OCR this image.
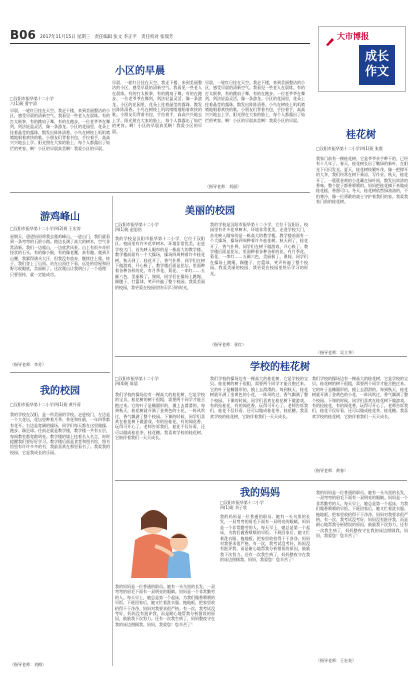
B06 2017年11月15日 星期三　责任编辑 张文 李正平　责任校对 张瑞芳	大市博报
成长
作文
小区的早晨
□汉阳市振华第十二小学
六(1)班 曹宇清
早晨，一轮红日挂在天空。我走下楼，来到美丽整洁的小区，感受早晨的清新空气。我看见一些老人在晨练。有的打太极拳，有的跳扇子舞，有的在跑步。一位老爷爷在舞剑，剑法轻盈灵活，像一条游龙。小区的花园里，花朵上挂着晶莹的露珠，散发出阵阵清香。小鸟在树枝上叽叽喳喳地唱着欢快的歌。小朋友们背着书包，手拉着手，高高兴兴地去上学。阳光照在大家的脸上，每个人都露出了灿烂的笑容。啊！小区的早晨真美啊！我爱小区的早晨。
早晨，一轮红日挂在天空。我走下楼，来到美丽整洁的小区，感受早晨的清新空气。我看见一些老人在晨练。有的打太极拳，有的跳扇子舞，有的在跑步。一位老爷爷在舞剑，剑法轻盈灵活，像一条游龙。小区的花园里，花朵上挂着晶莹的露珠，散发出阵阵清香。小鸟在树枝上叽叽喳喳地唱着欢快的歌。小朋友们背着书包，手拉着手，高高兴兴地去上学。阳光照在大家的脸上，每个人都露出了灿烂的笑容。啊！小区的早晨真美啊！我爱小区的早晨。
（指导老师：刘丽）
早晨，一轮红日挂在天空。我走下楼，来到美丽整洁的小区，感受早晨的清新空气。我看见一些老人在晨练。有的打太极拳，有的跳扇子舞，有的在跑步。一位老爷爷在舞剑，剑法轻盈灵活，像一条游龙。小区的花园里，花朵上挂着晶莹的露珠，散发出阵阵清香。小鸟在树枝上叽叽喳喳地唱着欢快的歌。小朋友们背着书包，手拉着手，高高兴兴地去上学。阳光照在大家的脸上，每个人都露出了灿烂的笑容。啊！小区的早晨真美啊！我爱小区的早晨。
游鸡峰山
□汉阳市振华第十二小学四(2)班 王宏涛
星期天，爸爸妈妈带我去爬鸡峰山。一进山门，我们就看到一条弯弯的石阶小路。路边长满了高大的树木，空气非常清新。我们一边爬山，一边欣赏风景。山上有很多奇形怪状的石头，有的像小猴，有的像老鹰，真有趣。爬到半山腰，我累得满头大汗，但我没有放弃，继续往上爬。终于，我们登上了山顶。站在山顶往下看，远处的房屋和田野尽收眼底，美丽极了。这次爬山让我明白了一个道理：只要坚持，就一定能成功。
（指导老师：李芳）
美丽的校园
□汉阳市振华第十二小学
四(1)班 赵思怡
我的学校是汉阳市振华第十二小学，它位于汉阳区。校园里有许多花草树木，环境非常优美。走进学校大门，首先映入眼帘的是一栋高大的教学楼。教学楼前面有一个大操场，操场四周种着许多桂花树。秋天到了，桂花开了，香气扑鼻，同学们在树下做游戏，开心极了。教学楼后面是花坛，里面种着各种各样的花，有月季花、菊花、一串红……五颜六色，美丽极了。课间，同学们在操场上跳绳、踢毽子、打篮球，笑声传遍了整个校园。我爱美丽的校园，我更爱在校园里快乐学习的时光。
我的学校是汉阳市振华第十二小学，它位于汉阳区。校园里有许多花草树木，环境非常优美。走进学校大门，首先映入眼帘的是一栋高大的教学楼。教学楼前面有一个大操场，操场四周种着许多桂花树。秋天到了，桂花开了，香气扑鼻，同学们在树下做游戏，开心极了。教学楼后面是花坛，里面种着各种各样的花，有月季花、菊花、一串红……五颜六色，美丽极了。课间，同学们在操场上跳绳、踢毽子、打篮球，笑声传遍了整个校园。我爱美丽的校园，我更爱在校园里快乐学习的时光。
（指导老师：张红）
桂花树
□汉阳市振华第十二小学四(1)班 张霞
我家门前有一棵桂花树，它是爷爷亲手种下的，已经有十几年了。春天，桂花树长出了嫩绿的新叶，在阳光下闪闪发光。夏天，桂花树枝繁叶茂，像一把撑开的大伞，我们经常在树下乘凉、写作业。秋天，桂花开了，一簇簇金黄的小花藏在绿叶间，散发出浓浓的香味，整个院子都香喷喷的。妈妈把桂花摘下来做成桂花糕，香甜可口。冬天，桂花树依然绿油油的，不怕寒冷，像一位勇敢的战士守护着我们的家。我爱我家门前的桂花树。
（指导老师：吴立华）
学校的桂花树
□汉阳市振华第十二小学
四(4)班 陈晨
我们学校的操场边有一棵高大的桂花树，它是学校的宝贝。桂花树的树干很粗，需要两个同学才能合抱过来。它的叶子是椭圆形的，摸上去滑滑的。每到秋天，桂花树就开满了金黄色的小花，一阵风吹过，香气飘满了整个校园。下课的时候，同学们喜欢在桂花树下做游戏，有的捡桂花，有的闻花香，玩得可开心了。老师告诉我们，桂花不仅好看，还可以做成桂花茶、桂花糖。我喜欢学校的桂花树，它陪伴着我们一天天成长。
我们学校的操场边有一棵高大的桂花树，它是学校的宝贝。桂花树的树干很粗，需要两个同学才能合抱过来。它的叶子是椭圆形的，摸上去滑滑的。每到秋天，桂花树就开满了金黄色的小花，一阵风吹过，香气飘满了整个校园。下课的时候，同学们喜欢在桂花树下做游戏，有的捡桂花，有的闻花香，玩得可开心了。老师告诉我们，桂花不仅好看，还可以做成桂花茶、桂花糖。我喜欢学校的桂花树，它陪伴着我们一天天成长。
我们学校的操场边有一棵高大的桂花树，它是学校的宝贝。桂花树的树干很粗，需要两个同学才能合抱过来。它的叶子是椭圆形的，摸上去滑滑的。每到秋天，桂花树就开满了金黄色的小花，一阵风吹过，香气飘满了整个校园。下课的时候，同学们喜欢在桂花树下做游戏，有的捡桂花，有的闻花香，玩得可开心了。老师告诉我们，桂花不仅好看，还可以做成桂花茶、桂花糖。我喜欢学校的桂花树，它陪伴着我们一天天成长。
（指导老师：黄春）
我的校园
□汉阳市振华第十二小学四(1)班 黄丹蓉
我的学校在汉阳，是一所美丽的学校。走进校门，左边是一个大花坛，花坛里种着月季、茶花和杜鹃，一年四季都有花开。右边是宽阔的操场，同学们每天都在这里做操、跑步、踢足球。往前走就是教学楼，教学楼一共有五层，每间教室都宽敞明亮。教学楼的墙上挂着名人名言，时时提醒我们要好好学习。教学楼后面是食堂和图书馆，图书馆里有许许多多的书，我最喜欢在那里看书了。我爱我的校园，它是我成长的乐园。
（指导老师：刘梅）
我的妈妈
□汉阳市振华第十二小学
四(1)班 刘子欣
我的妈妈是一位普通的职员。她有一头乌黑的长发，一双弯弯的眉毛下面有一双明亮的眼睛。妈妈是一个非常勤劳的人。每天早上，她总是第一个起床，为我们做香喷喷的早饭。下班回家后，她又忙着洗衣服、拖地板，把家里收拾得干干净净。妈妈对我要求很严格。有一次，我考试没考好，妈妈没有批评我，而是耐心地帮我分析错误的原因，鼓励我下次努力。还有一次我生病了，妈妈整夜守在我的床边照顾我。妈妈，我爱您！您辛苦了！
我的妈妈是一位普通的职员。她有一头乌黑的长发，一双弯弯的眉毛下面有一双明亮的眼睛。妈妈是一个非常勤劳的人。每天早上，她总是第一个起床，为我们做香喷喷的早饭。下班回家后，她又忙着洗衣服、拖地板，把家里收拾得干干净净。妈妈对我要求很严格。有一次，我考试没考好，妈妈没有批评我，而是耐心地帮我分析错误的原因，鼓励我下次努力。还有一次我生病了，妈妈整夜守在我的床边照顾我。妈妈，我爱您！您辛苦了！
我的妈妈是一位普通的职员。她有一头乌黑的长发，一双弯弯的眉毛下面有一双明亮的眼睛。妈妈是一个非常勤劳的人。每天早上，她总是第一个起床，为我们做香喷喷的早饭。下班回家后，她又忙着洗衣服、拖地板，把家里收拾得干干净净。妈妈对我要求很严格。有一次，我考试没考好，妈妈没有批评我，而是耐心地帮我分析错误的原因，鼓励我下次努力。还有一次我生病了，妈妈整夜守在我的床边照顾我。妈妈，我爱您！您辛苦了！
（指导老师：王宏英）
